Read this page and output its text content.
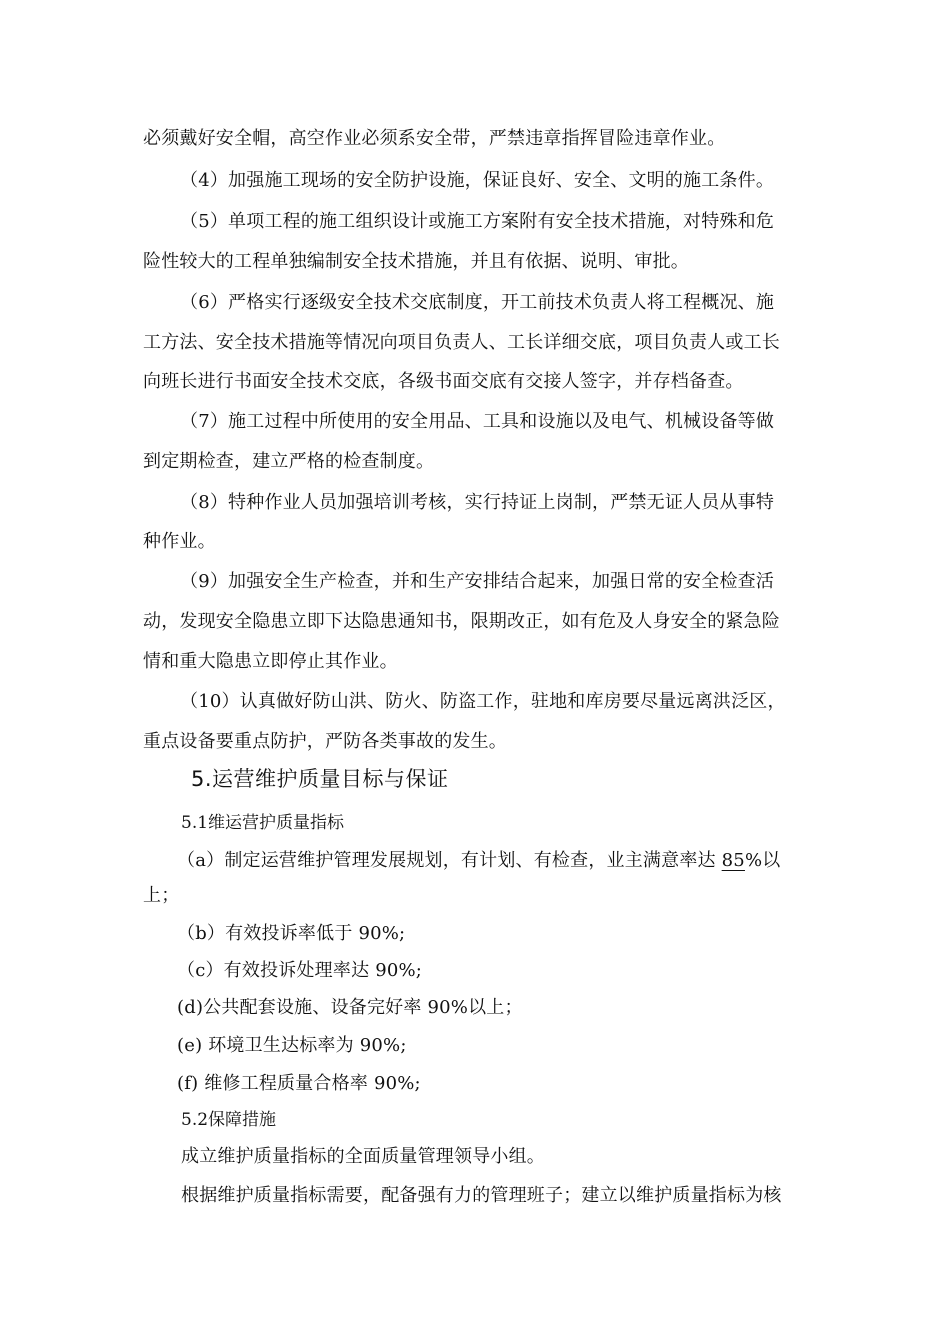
必须戴好安全帽，高空作业必须系安全带，严禁违章指挥冒险违章作业。
（4）加强施工现场的安全防护设施，保证良好、安全、文明的施工条件。
（5）单项工程的施工组织设计或施工方案附有安全技术措施，对特殊和危
险性较大的工程单独编制安全技术措施，并且有依据、说明、审批。
（6）严格实行逐级安全技术交底制度，开工前技术负责人将工程概况、施
工方法、安全技术措施等情况向项目负责人、工长详细交底，项目负责人或工长
向班长进行书面安全技术交底，各级书面交底有交接人签字，并存档备查。
（7）施工过程中所使用的安全用品、工具和设施以及电气、机械设备等做
到定期检查，建立严格的检查制度。
（8）特种作业人员加强培训考核，实行持证上岗制，严禁无证人员从事特
种作业。
（9）加强安全生产检查，并和生产安排结合起来，加强日常的安全检查活
动，发现安全隐患立即下达隐患通知书，限期改正，如有危及人身安全的紧急险
情和重大隐患立即停止其作业。
（10）认真做好防山洪、防火、防盗工作，驻地和库房要尽量远离洪泛区，
重点设备要重点防护，严防各类事故的发生。
5.运营维护质量目标与保证
5.1维运营护质量指标
（a）制定运营维护管理发展规划，有计划、有检查，业主满意率达 85%以
上；
（b）有效投诉率低于 90%;
（c）有效投诉处理率达 90%;
(d)公共配套设施、设备完好率 90%以上；
(e) 环境卫生达标率为 90%;
(f) 维修工程质量合格率 90%;
5.2保障措施
成立维护质量指标的全面质量管理领导小组。
根据维护质量指标需要，配备强有力的管理班子；建立以维护质量指标为核
